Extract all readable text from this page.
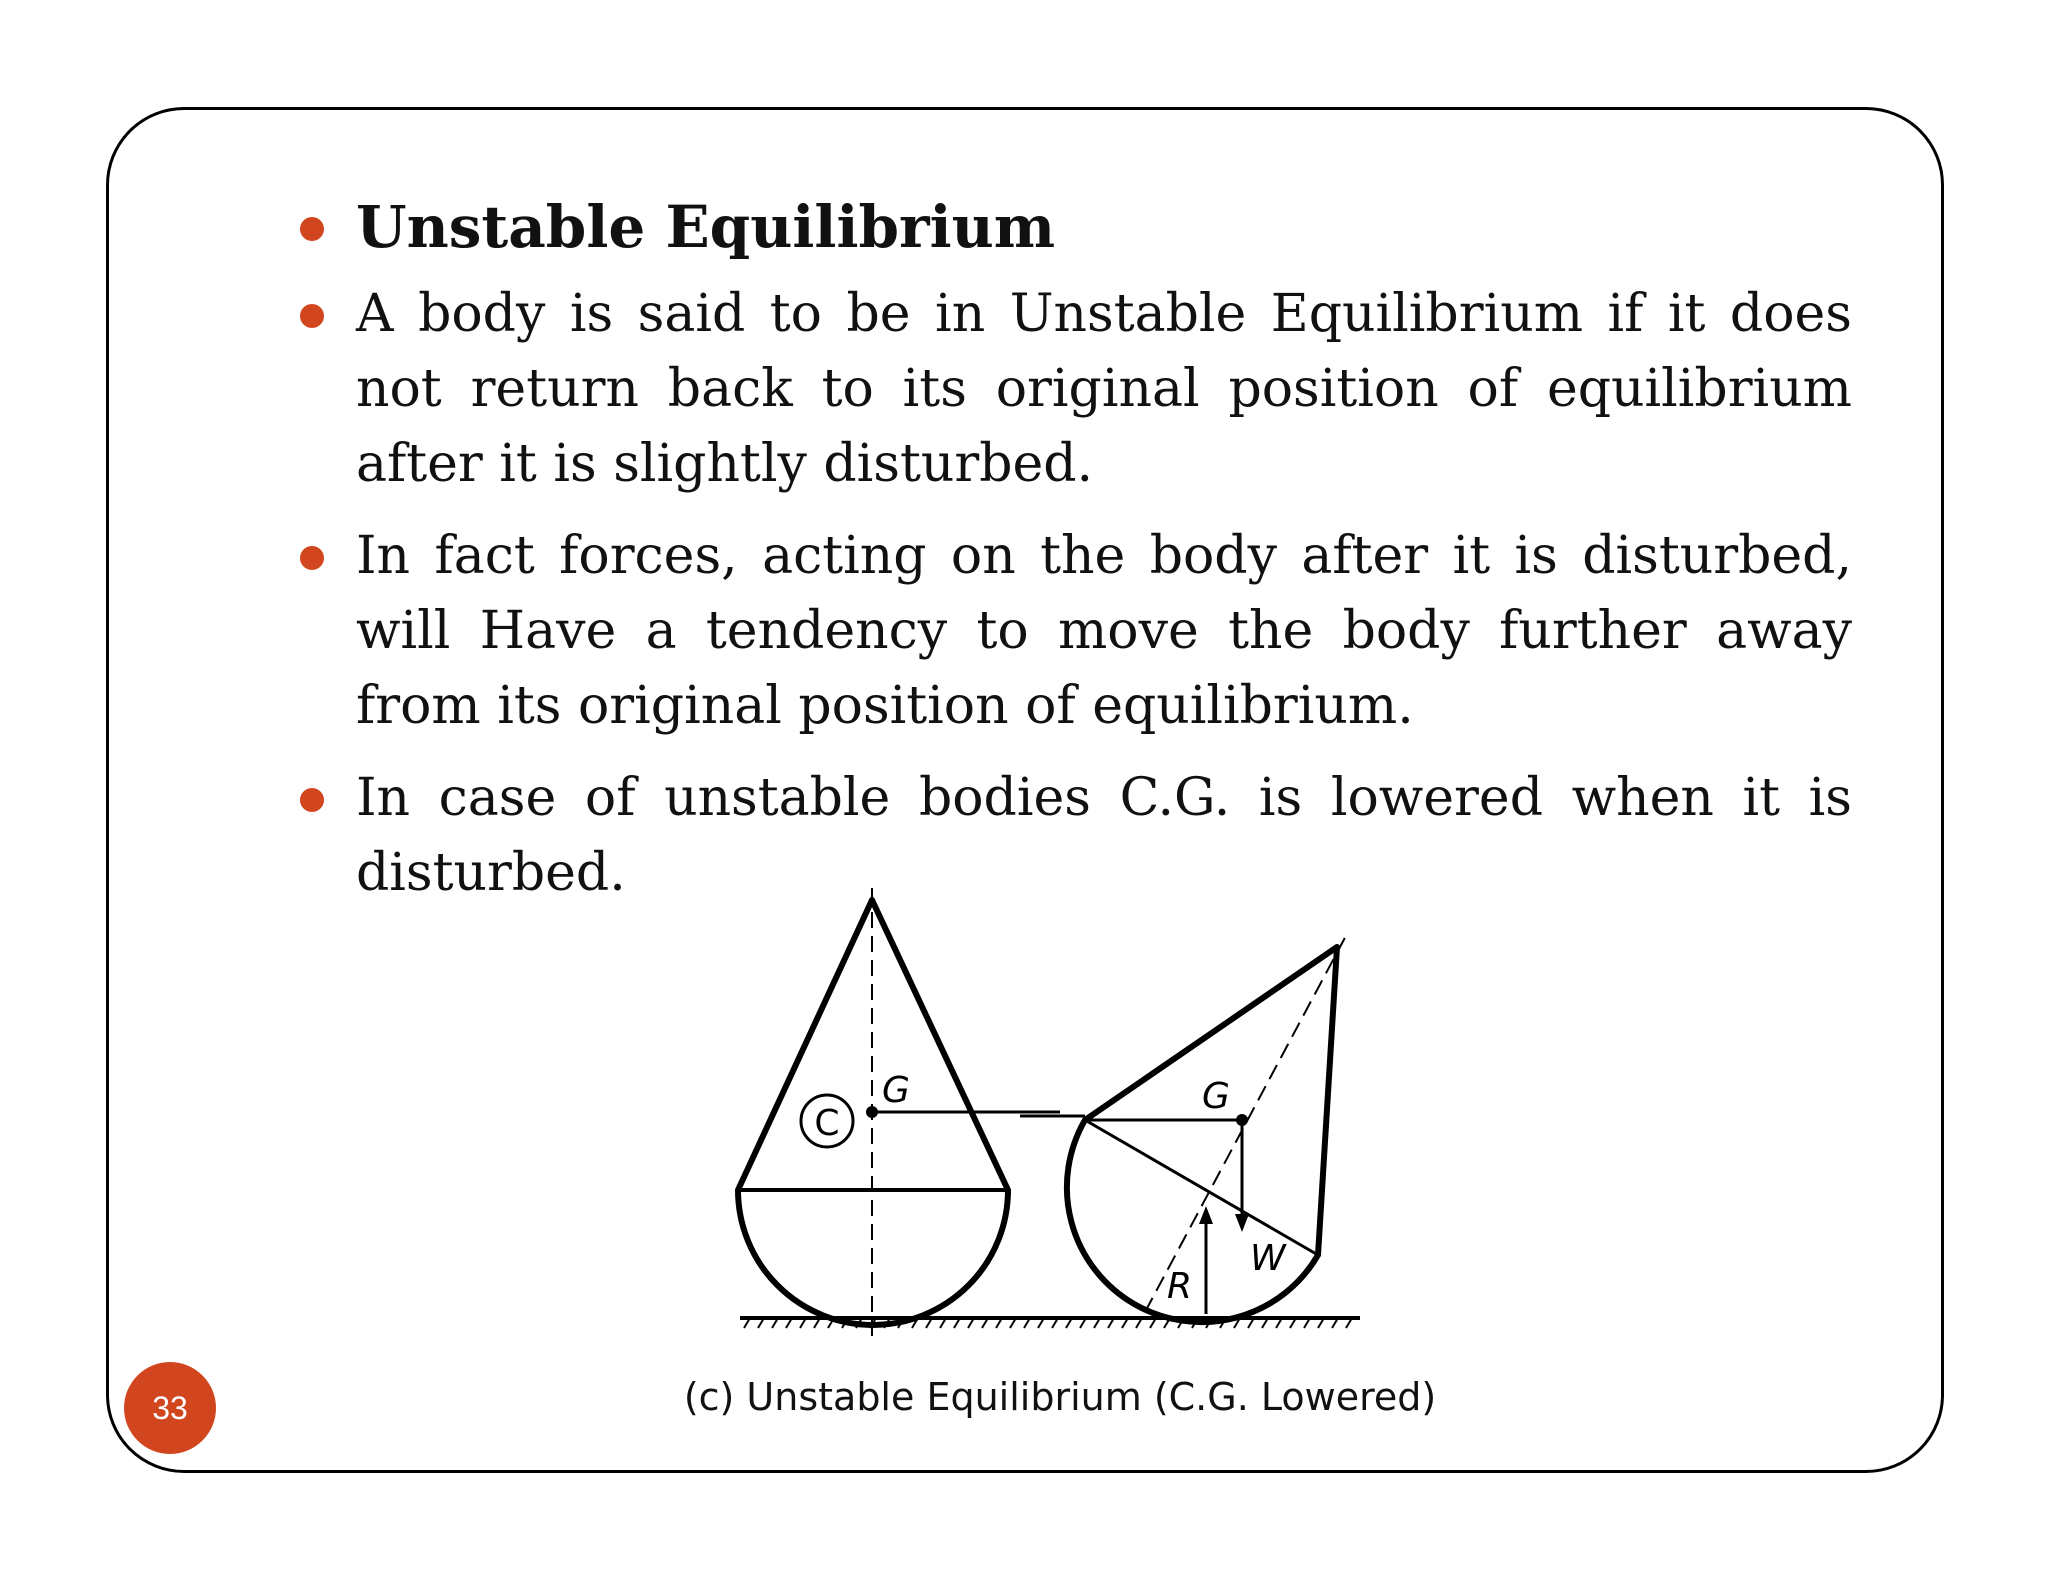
Unstable Equilibrium
A body is said to be in Unstable Equilibrium if it does not return back to its original position of equilibrium after it is slightly disturbed.
In fact forces, acting on the body after it is disturbed, will Have a tendency to move the body further away from its original position of equilibrium.
In case of unstable bodies C.G. is lowered when it is disturbed.
C
G	G
W
R
(c) Unstable Equilibrium (C.G. Lowered)
33
